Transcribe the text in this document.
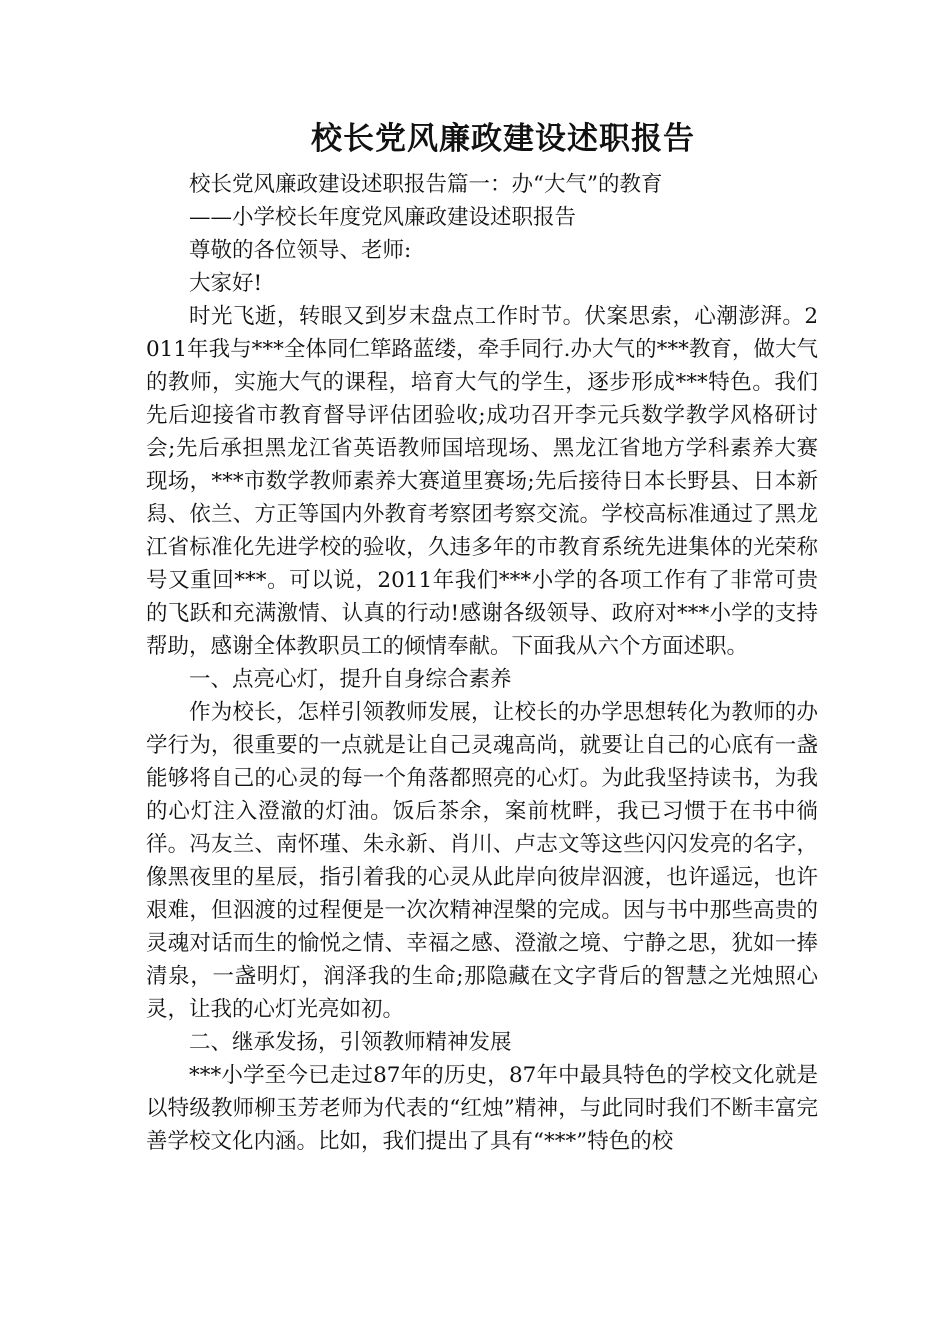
校长党风廉政建设述职报告

校长党风廉政建设述职报告篇一：办“大气”的教育

——小学校长年度党风廉政建设述职报告

尊敬的各位领导、老师:

大家好!

时光飞逝，转眼又到岁末盘点工作时节。伏案思索，心潮澎湃。2011年我与***全体同仁筚路蓝缕，牵手同行.办大气的***教育，做大气的教师，实施大气的课程，培育大气的学生，逐步形成***特色。我们先后迎接省市教育督导评估团验收;成功召开李元兵数学教学风格研讨会;先后承担黑龙江省英语教师国培现场、黑龙江省地方学科素养大赛现场，***市数学教师素养大赛道里赛场;先后接待日本长野县、日本新舄、依兰、方正等国内外教育考察团考察交流。学校高标准通过了黑龙江省标准化先进学校的验收，久违多年的市教育系统先进集体的光荣称号又重回***。可以说，2011年我们***小学的各项工作有了非常可贵的飞跃和充满激情、认真的行动!感谢各级领导、政府对***小学的支持帮助，感谢全体教职员工的倾情奉献。下面我从六个方面述职。

一、点亮心灯，提升自身综合素养

作为校长，怎样引领教师发展，让校长的办学思想转化为教师的办学行为，很重要的一点就是让自己灵魂高尚，就要让自己的心底有一盏能够将自己的心灵的每一个角落都照亮的心灯。为此我坚持读书，为我的心灯注入澄澈的灯油。饭后茶余，案前枕畔，我已习惯于在书中徜徉。冯友兰、南怀瑾、朱永新、肖川、卢志文等这些闪闪发亮的名字，像黑夜里的星辰，指引着我的心灵从此岸向彼岸泅渡，也许遥远，也许艰难，但泅渡的过程便是一次次精神涅槃的完成。因与书中那些高贵的灵魂对话而生的愉悦之情、幸福之感、澄澈之境、宁静之思，犹如一捧清泉，一盏明灯，润泽我的生命;那隐藏在文字背后的智慧之光烛照心灵，让我的心灯光亮如初。

二、继承发扬，引领教师精神发展

***小学至今已走过87年的历史，87年中最具特色的学校文化就是以特级教师柳玉芳老师为代表的“红烛”精神，与此同时我们不断丰富完善学校文化内涵。比如，我们提出了具有“***”特色的校
